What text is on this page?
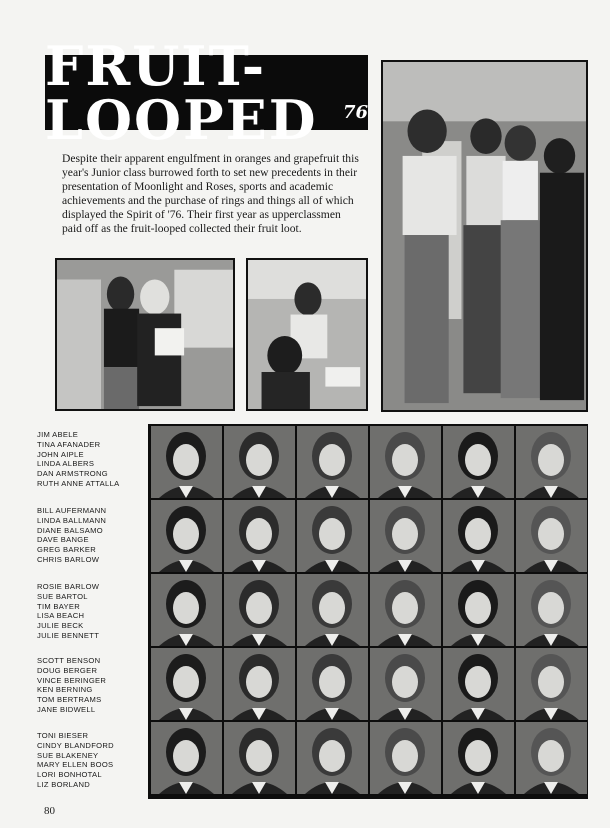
FRUIT-LOOPED	76
Despite their apparent engulfment in oranges and grapefruit this year's Junior class burrowed forth to set new precedents in their presentation of Moonlight and Roses, sports and academic achievements and the purchase of rings and things all of which displayed the Spirit of '76. Their first year as upperclassmen paid off as the fruit-looped collected their fruit loot.
JIM ABELE
TINA AFANADER
JOHN AIPLE
LINDA ALBERS
DAN ARMSTRONG
RUTH ANNE ATTALLA
BILL AUFERMANN
LINDA BALLMANN
DIANE BALSAMO
DAVE BANGE
GREG BARKER
CHRIS BARLOW
ROSIE BARLOW
SUE BARTOL
TIM BAYER
LISA BEACH
JULIE BECK
JULIE BENNETT
SCOTT BENSON
DOUG BERGER
VINCE BERINGER
KEN BERNING
TOM BERTRAMS
JANE BIDWELL
TONI BIESER
CINDY BLANDFORD
SUE BLAKENEY
MARY ELLEN BOOS
LORI BONHOTAL
LIZ BORLAND
80
